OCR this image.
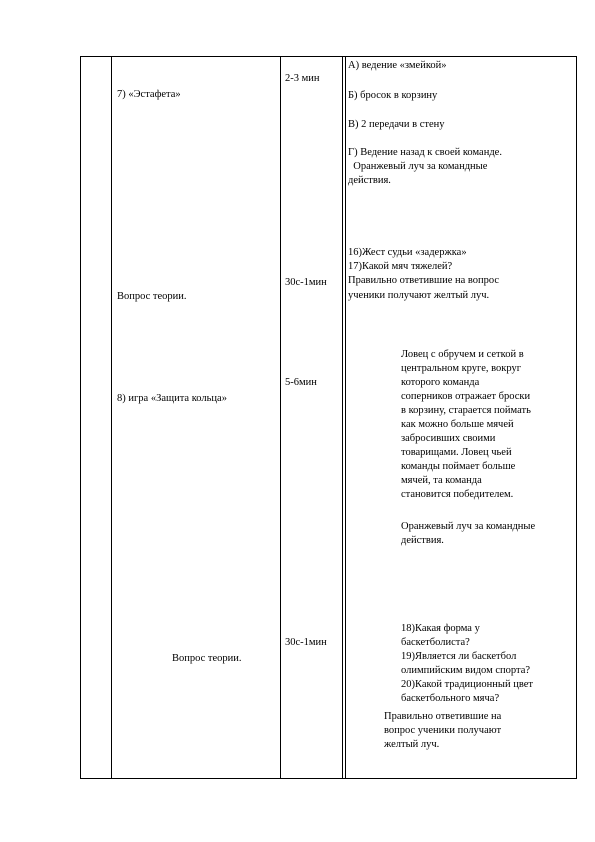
7) «Эстафета»
2-3 мин
А) ведение «змейкой»
Б) бросок в корзину
В) 2 передачи в стену
Г) Ведение назад к своей команде.
Оранжевый луч за командные
действия.
Вопрос теории.
30с-1мин
16)Жест судьи «задержка»
17)Какой мяч тяжелей?
Правильно ответившие на вопрос
ученики получают желтый луч.
8) игра «Защита кольца»
5-6мин
Ловец с обручем и сеткой в
центральном круге, вокруг
которого команда
соперников отражает броски
в корзину, старается поймать
как можно больше мячей
забросивших своими
товарищами. Ловец чьей
команды поймает больше
мячей, та команда
становится победителем.
Оранжевый луч за командные
действия.
Вопрос теории.
30с-1мин
18)Какая форма у
баскетболиста?
19)Является ли баскетбол
олимпийским видом спорта?
20)Какой традиционный цвет
баскетбольного мяча?
Правильно ответившие на
вопрос ученики получают
желтый луч.
